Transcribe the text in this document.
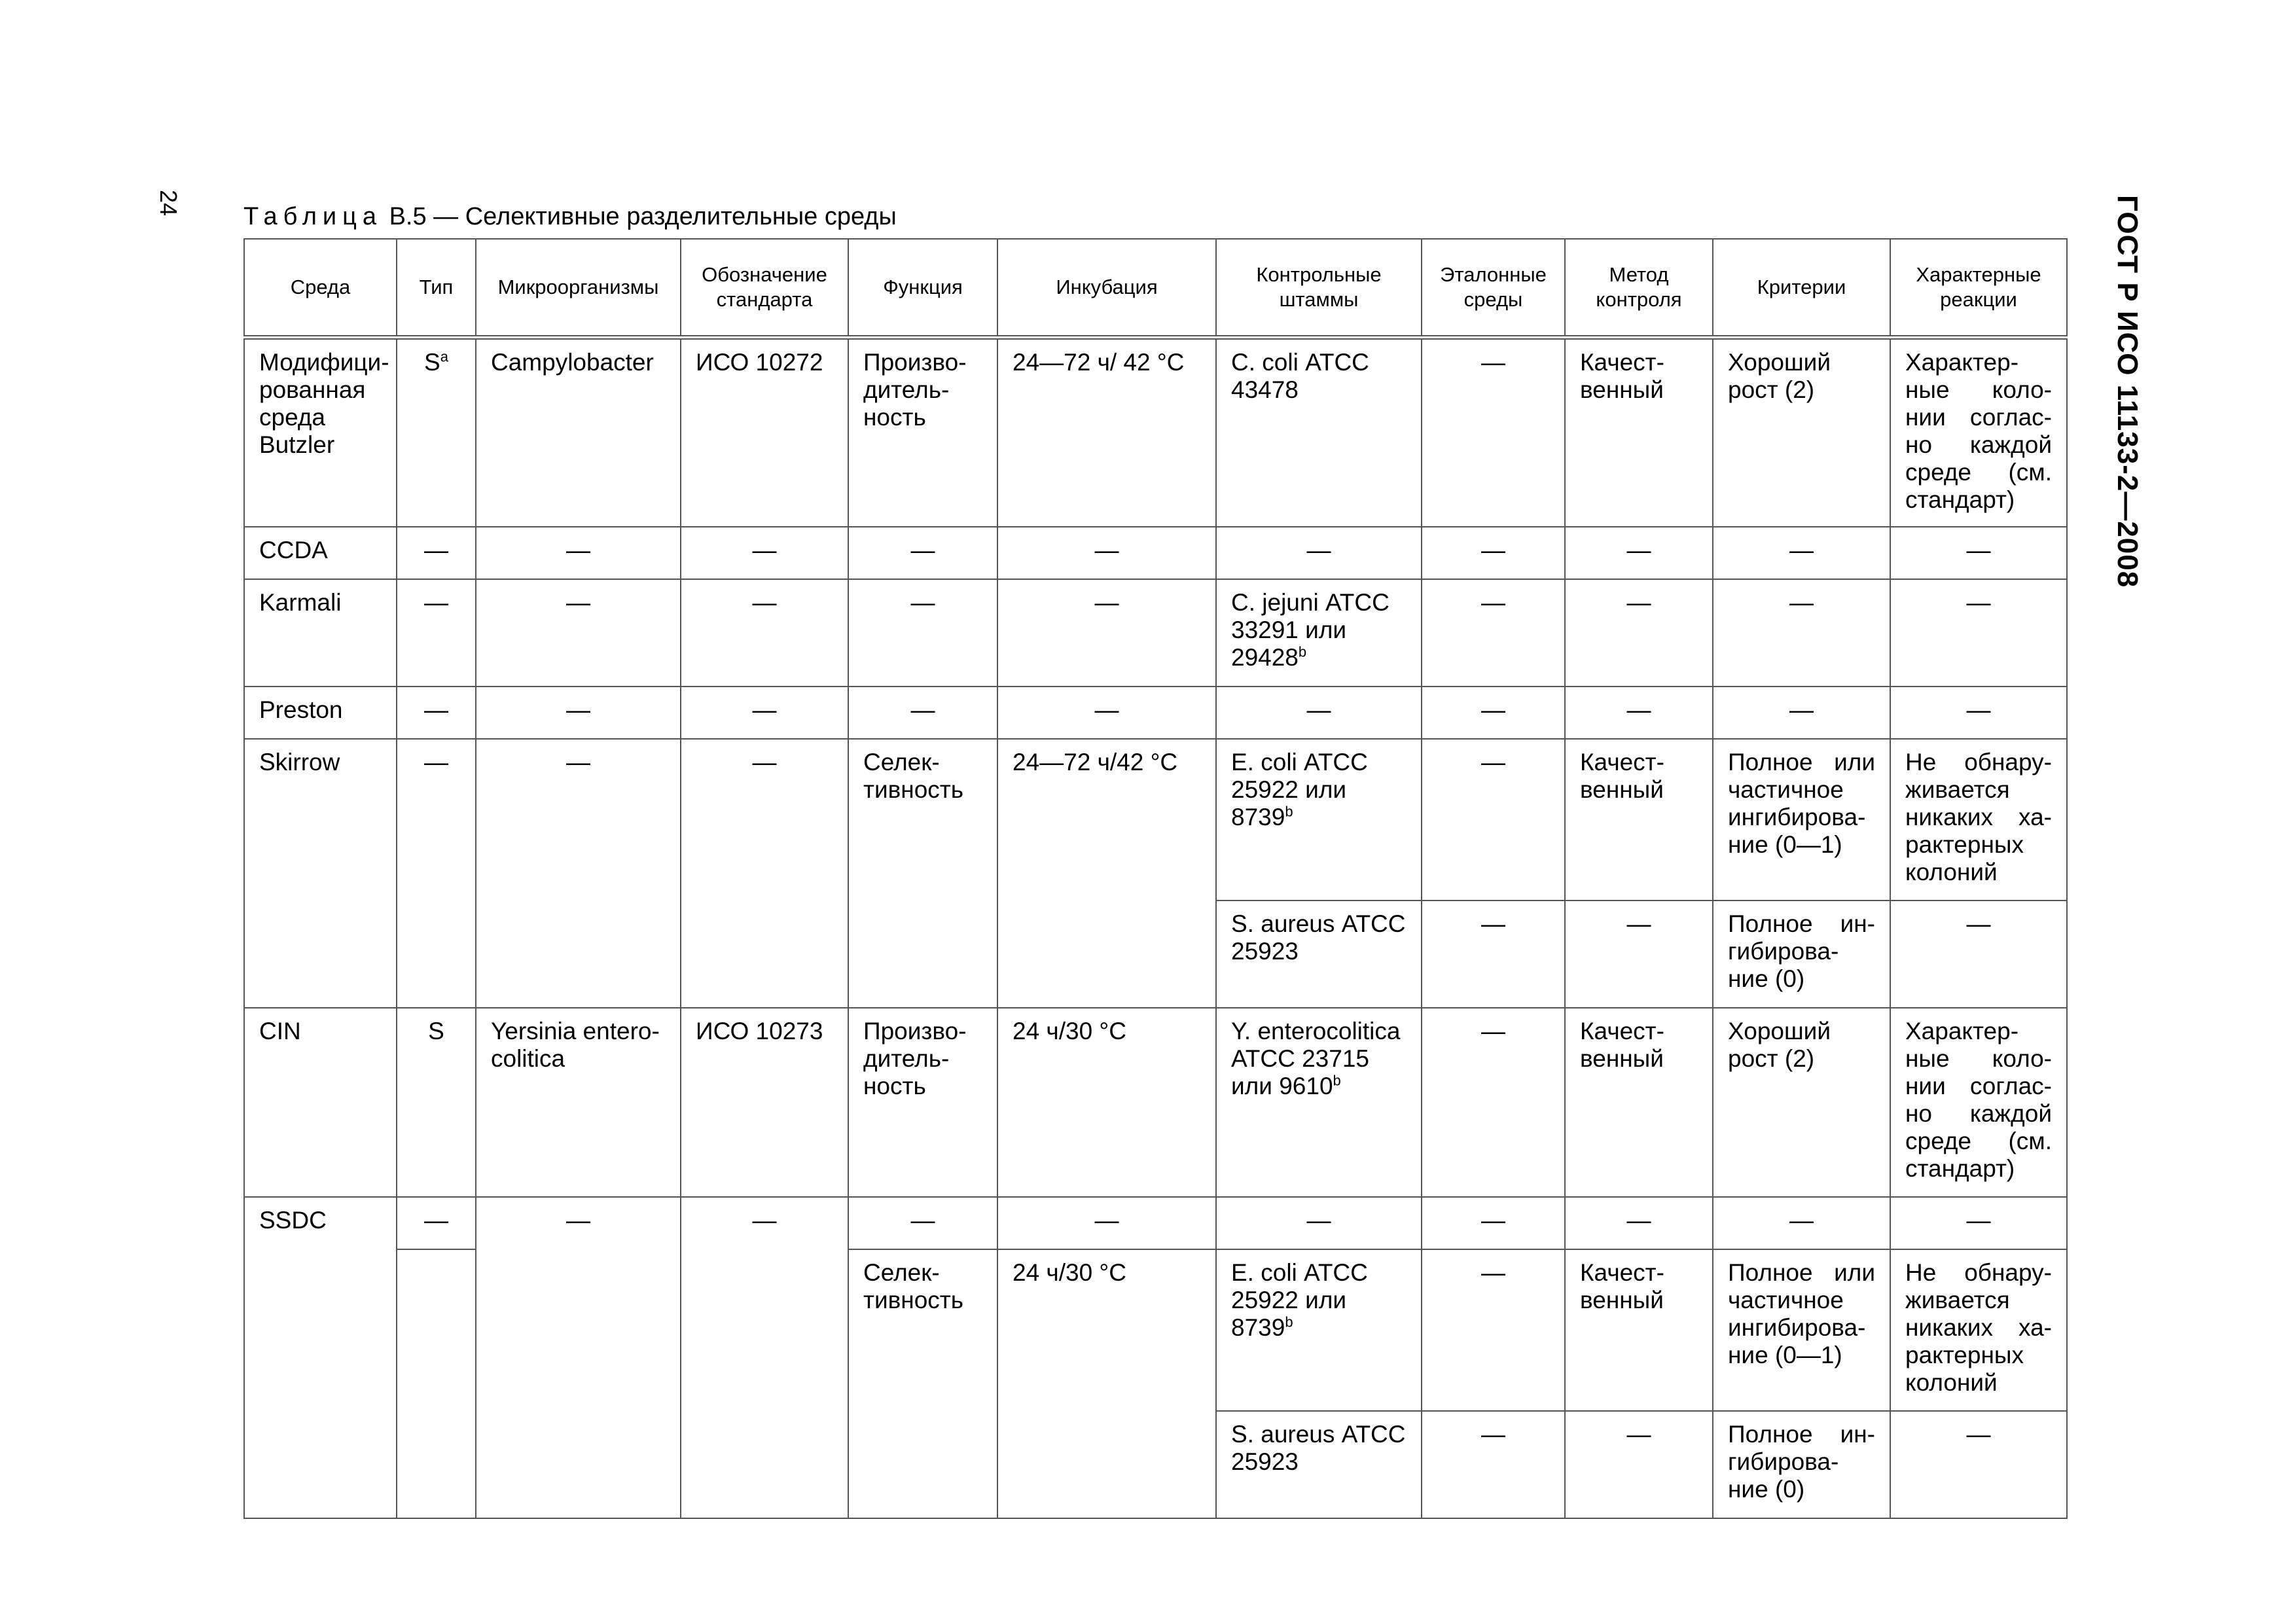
24	ГОСТ Р ИСО 11133-2—2008
Таблица В.5 — Селективные разделительные среды
Среда	Тип	Микроорганизмы	Обозначение стандарта	Функция	Инкубация	Контрольные штаммы	Эталонные среды	Метод контроля	Критерии	Характерные реакции
Модифици-рованная среда Butzler	$S^a$	Campylobacter	ИСО 10272	Произво-дитель-ность	24—72 ч/ 42 °С	С. coli АТСС 43478	—	Качест-венный	Хороший рост (2)	Характер-ные коло-нии соглас-но каждой среде (см. стандарт)
CCDA	—	—	—	—	—	—	—	—	—	—
Karmali	—	—	—	—	—	С. jejuni АТСС 33291 или 29428$^b$	—	—	—	—
Preston	—	—	—	—	—	—	—	—	—	—
Skirrow	—	—	—	Селек-тивность	24—72 ч/42 °С	Е. coli АТСС 25922 или 8739$^b$	—	Качест-венный	Полное или частичное ингибирова-ние (0—1)	Не обнару-живается никаких ха-рактерных колоний
						S. aureus АТСС 25923	—	—	Полное ин-гибирова-ние (0)	—
CIN	S	Yersinia entero-colitica	ИСО 10273	Произво-дитель-ность	24 ч/30 °С	Y. enterocolitica АТСС 23715 или 9610$^b$	—	Качест-венный	Хороший рост (2)	Характер-ные коло-нии соглас-но каждой среде (см. стандарт)
SSDC	—	—	—	—	—	—	—	—	—	—
				Селек-тивность	24 ч/30 °С	Е. coli АТСС 25922 или 8739$^b$	—	Качест-венный	Полное или частичное ингибирова-ние (0—1)	Не обнару-живается никаких ха-рактерных колоний
						S. aureus АТСС 25923	—	—	Полное ин-гибирова-ние (0)	—
